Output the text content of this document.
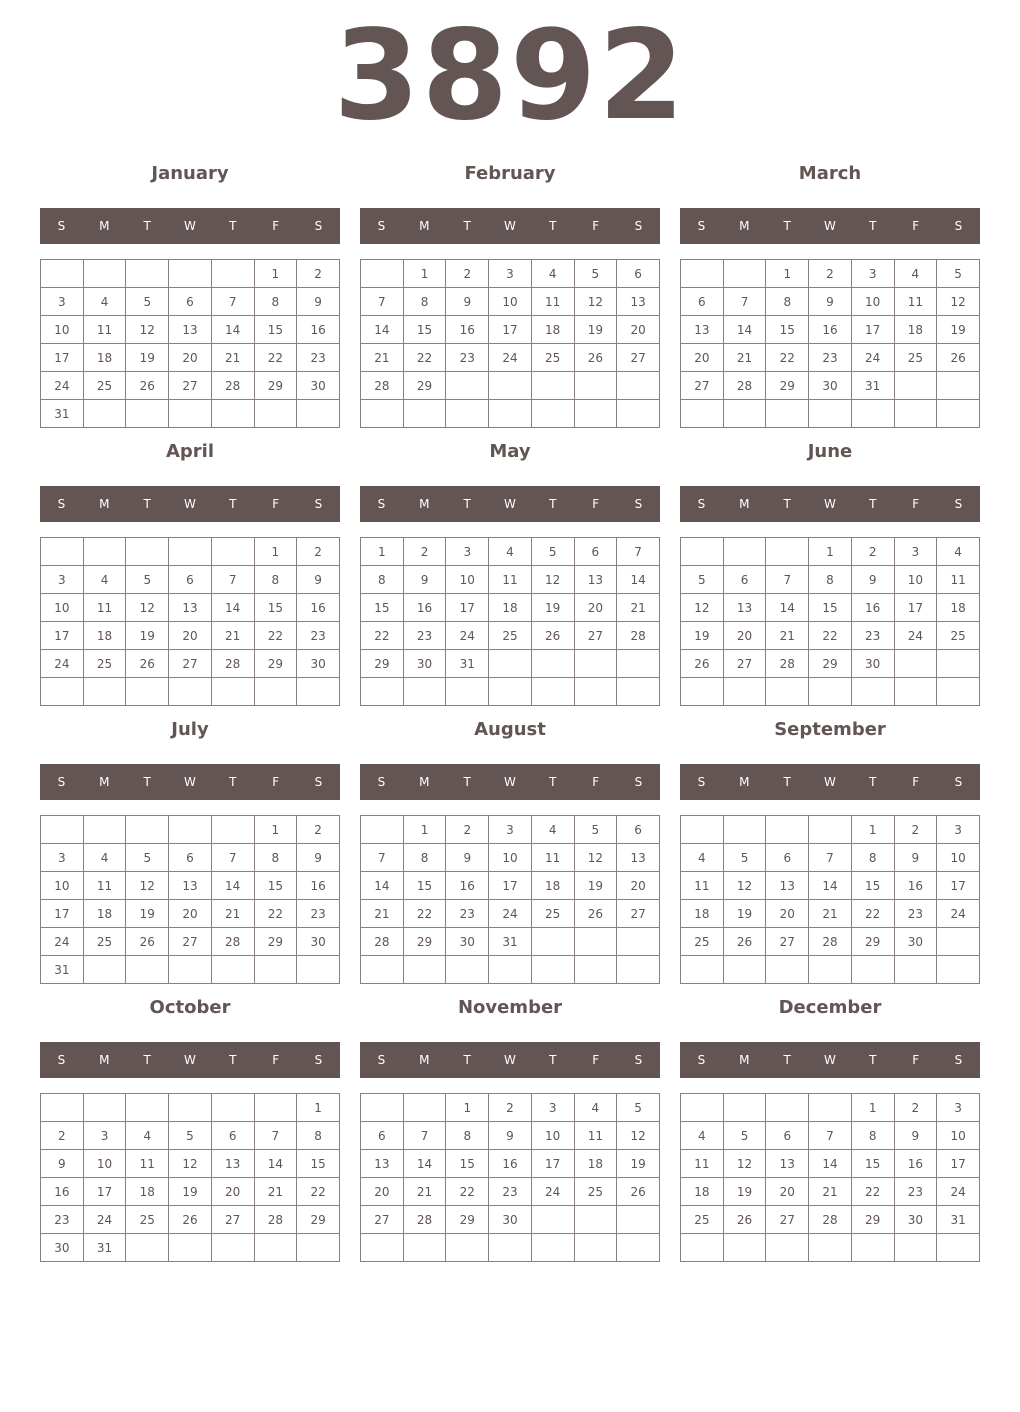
3892
January
S	M	T	W	T	F	S
					1	2
3	4	5	6	7	8	9
10	11	12	13	14	15	16
17	18	19	20	21	22	23
24	25	26	27	28	29	30
31						
February
S	M	T	W	T	F	S
	1	2	3	4	5	6
7	8	9	10	11	12	13
14	15	16	17	18	19	20
21	22	23	24	25	26	27
28	29					

March
S	M	T	W	T	F	S
		1	2	3	4	5
6	7	8	9	10	11	12
13	14	15	16	17	18	19
20	21	22	23	24	25	26
27	28	29	30	31		

April
S	M	T	W	T	F	S
					1	2
3	4	5	6	7	8	9
10	11	12	13	14	15	16
17	18	19	20	21	22	23
24	25	26	27	28	29	30

May
S	M	T	W	T	F	S
1	2	3	4	5	6	7
8	9	10	11	12	13	14
15	16	17	18	19	20	21
22	23	24	25	26	27	28
29	30	31				

June
S	M	T	W	T	F	S
			1	2	3	4
5	6	7	8	9	10	11
12	13	14	15	16	17	18
19	20	21	22	23	24	25
26	27	28	29	30		

July
S	M	T	W	T	F	S
					1	2
3	4	5	6	7	8	9
10	11	12	13	14	15	16
17	18	19	20	21	22	23
24	25	26	27	28	29	30
31						
August
S	M	T	W	T	F	S
	1	2	3	4	5	6
7	8	9	10	11	12	13
14	15	16	17	18	19	20
21	22	23	24	25	26	27
28	29	30	31			

September
S	M	T	W	T	F	S
				1	2	3
4	5	6	7	8	9	10
11	12	13	14	15	16	17
18	19	20	21	22	23	24
25	26	27	28	29	30	

October
S	M	T	W	T	F	S
						1
2	3	4	5	6	7	8
9	10	11	12	13	14	15
16	17	18	19	20	21	22
23	24	25	26	27	28	29
30	31					
November
S	M	T	W	T	F	S
		1	2	3	4	5
6	7	8	9	10	11	12
13	14	15	16	17	18	19
20	21	22	23	24	25	26
27	28	29	30			

December
S	M	T	W	T	F	S
				1	2	3
4	5	6	7	8	9	10
11	12	13	14	15	16	17
18	19	20	21	22	23	24
25	26	27	28	29	30	31
